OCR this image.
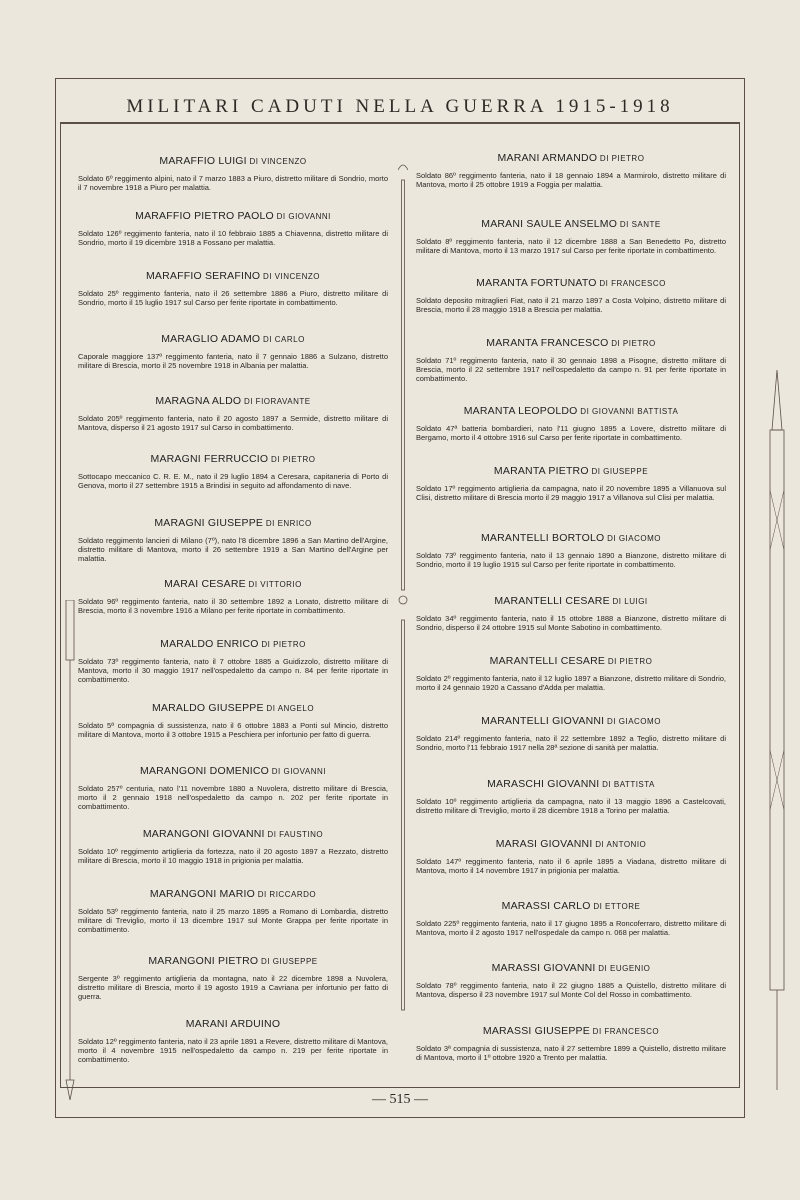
MILITARI CADUTI NELLA GUERRA 1915-1918
MARAFFIO LUIGI DI VINCENZO
Soldato 6º reggimento alpini, nato il 7 marzo 1883 a Piuro, distretto militare di Sondrio, morto il 7 novembre 1918 a Piuro per malattia.
MARAFFIO PIETRO PAOLO DI GIOVANNI
Soldato 126º reggimento fanteria, nato il 10 febbraio 1885 a Chiavenna, distretto militare di Sondrio, morto il 19 dicembre 1918 a Fossano per malattia.
MARAFFIO SERAFINO DI VINCENZO
Soldato 25º reggimento fanteria, nato il 26 settembre 1886 a Piuro, distretto militare di Sondrio, morto il 15 luglio 1917 sul Carso per ferite riportate in combattimento.
MARAGLIO ADAMO DI CARLO
Caporale maggiore 137º reggimento fanteria, nato il 7 gennaio 1886 a Sulzano, distretto militare di Brescia, morto il 25 novembre 1918 in Albania per malattia.
MARAGNA ALDO DI FIORAVANTE
Soldato 205º reggimento fanteria, nato il 20 agosto 1897 a Sermide, distretto militare di Mantova, disperso il 21 agosto 1917 sul Carso in combattimento.
MARAGNI FERRUCCIO DI PIETRO
Sottocapo meccanico C. R. E. M., nato il 29 luglio 1894 a Ceresara, capitaneria di Porto di Genova, morto il 27 settembre 1915 a Brindisi in seguito ad affondamento di nave.
MARAGNI GIUSEPPE DI ENRICO
Soldato reggimento lancieri di Milano (7º), nato l'8 dicembre 1896 a San Martino dell'Argine, distretto militare di Mantova, morto il 26 settembre 1919 a San Martino dell'Argine per malattia.
MARAI CESARE DI VITTORIO
Soldato 96º reggimento fanteria, nato il 30 settembre 1892 a Lonato, distretto militare di Brescia, morto il 3 novembre 1916 a Milano per ferite riportate in combattimento.
MARALDO ENRICO DI PIETRO
Soldato 73º reggimento fanteria, nato il 7 ottobre 1885 a Guidizzolo, distretto militare di Mantova, morto il 30 maggio 1917 nell'ospedaletto da campo n. 84 per ferite riportate in combattimento.
MARALDO GIUSEPPE DI ANGELO
Soldato 5ª compagnia di sussistenza, nato il 6 ottobre 1883 a Ponti sul Mincio, distretto militare di Mantova, morto il 3 ottobre 1915 a Peschiera per infortunio per fatto di guerra.
MARANGONI DOMENICO DI GIOVANNI
Soldato 257º centuria, nato l'11 novembre 1880 a Nuvolera, distretto militare di Brescia, morto il 2 gennaio 1918 nell'ospedaletto da campo n. 202 per ferite riportate in combattimento.
MARANGONI GIOVANNI DI FAUSTINO
Soldato 10º reggimento artiglieria da fortezza, nato il 20 agosto 1897 a Rezzato, distretto militare di Brescia, morto il 10 maggio 1918 in prigionia per malattia.
MARANGONI MARIO DI RICCARDO
Soldato 53º reggimento fanteria, nato il 25 marzo 1895 a Romano di Lombardia, distretto militare di Treviglio, morto il 13 dicembre 1917 sul Monte Grappa per ferite riportate in combattimento.
MARANGONI PIETRO DI GIUSEPPE
Sergente 3º reggimento artiglieria da montagna, nato il 22 dicembre 1898 a Nuvolera, distretto militare di Brescia, morto il 19 agosto 1919 a Cavriana per infortunio per fatto di guerra.
MARANI ARDUINO
Soldato 12º reggimento fanteria, nato il 23 aprile 1891 a Revere, distretto militare di Mantova, morto il 4 novembre 1915 nell'ospedaletto da campo n. 219 per ferite riportate in combattimento.
MARANI ARMANDO DI PIETRO
Soldato 86º reggimento fanteria, nato il 18 gennaio 1894 a Marmirolo, distretto militare di Mantova, morto il 25 ottobre 1919 a Foggia per malattia.
MARANI SAULE ANSELMO DI SANTE
Soldato 8º reggimento fanteria, nato il 12 dicembre 1888 a San Benedetto Po, distretto militare di Mantova, morto il 13 marzo 1917 sul Carso per ferite riportate in combattimento.
MARANTA FORTUNATO DI FRANCESCO
Soldato deposito mitraglieri Fiat, nato il 21 marzo 1897 a Costa Volpino, distretto militare di Brescia, morto il 28 maggio 1918 a Brescia per malattia.
MARANTA FRANCESCO DI PIETRO
Soldato 71º reggimento fanteria, nato il 30 gennaio 1898 a Pisogne, distretto militare di Brescia, morto il 22 settembre 1917 nell'ospedaletto da campo n. 91 per ferite riportate in combattimento.
MARANTA LEOPOLDO DI GIOVANNI BATTISTA
Soldato 47ª batteria bombardieri, nato l'11 giugno 1895 a Lovere, distretto militare di Bergamo, morto il 4 ottobre 1916 sul Carso per ferite riportate in combattimento.
MARANTA PIETRO DI GIUSEPPE
Soldato 17º reggimento artiglieria da campagna, nato il 20 novembre 1895 a Villanuova sul Clisi, distretto militare di Brescia morto il 29 maggio 1917 a Villanova sul Clisi per malattia.
MARANTELLI BORTOLO DI GIACOMO
Soldato 73º reggimento fanteria, nato il 13 gennaio 1890 a Bianzone, distretto militare di Sondrio, morto il 19 luglio 1915 sul Carso per ferite riportate in combattimento.
MARANTELLI CESARE DI LUIGI
Soldato 34º reggimento fanteria, nato il 15 ottobre 1888 a Bianzone, distretto militare di Sondrio, disperso il 24 ottobre 1915 sul Monte Sabotino in combattimento.
MARANTELLI CESARE DI PIETRO
Soldato 2º reggimento fanteria, nato il 12 luglio 1897 a Bianzone, distretto militare di Sondrio, morto il 24 gennaio 1920 a Cassano d'Adda per malattia.
MARANTELLI GIOVANNI DI GIACOMO
Soldato 214º reggimento fanteria, nato il 22 settembre 1892 a Teglio, distretto militare di Sondrio, morto l'11 febbraio 1917 nella 28ª sezione di sanità per malattia.
MARASCHI GIOVANNI DI BATTISTA
Soldato 10º reggimento artiglieria da campagna, nato il 13 maggio 1896 a Castelcovati, distretto militare di Treviglio, morto il 28 dicembre 1918 a Torino per malattia.
MARASI GIOVANNI DI ANTONIO
Soldato 147º reggimento fanteria, nato il 6 aprile 1895 a Viadana, distretto militare di Mantova, morto il 14 novembre 1917 in prigionia per malattia.
MARASSI CARLO DI ETTORE
Soldato 225º reggimento fanteria, nato il 17 giugno 1895 a Roncoferraro, distretto militare di Mantova, morto il 2 agosto 1917 nell'ospedale da campo n. 068 per malattia.
MARASSI GIOVANNI DI EUGENIO
Soldato 78º reggimento fanteria, nato il 22 giugno 1885 a Quistello, distretto militare di Mantova, disperso il 23 novembre 1917 sul Monte Col del Rosso in combattimento.
MARASSI GIUSEPPE DI FRANCESCO
Soldato 3ª compagnia di sussistenza, nato il 27 settembre 1899 a Quistello, distretto militare di Mantova, morto il 1º ottobre 1920 a Trento per malattia.
— 515 —
